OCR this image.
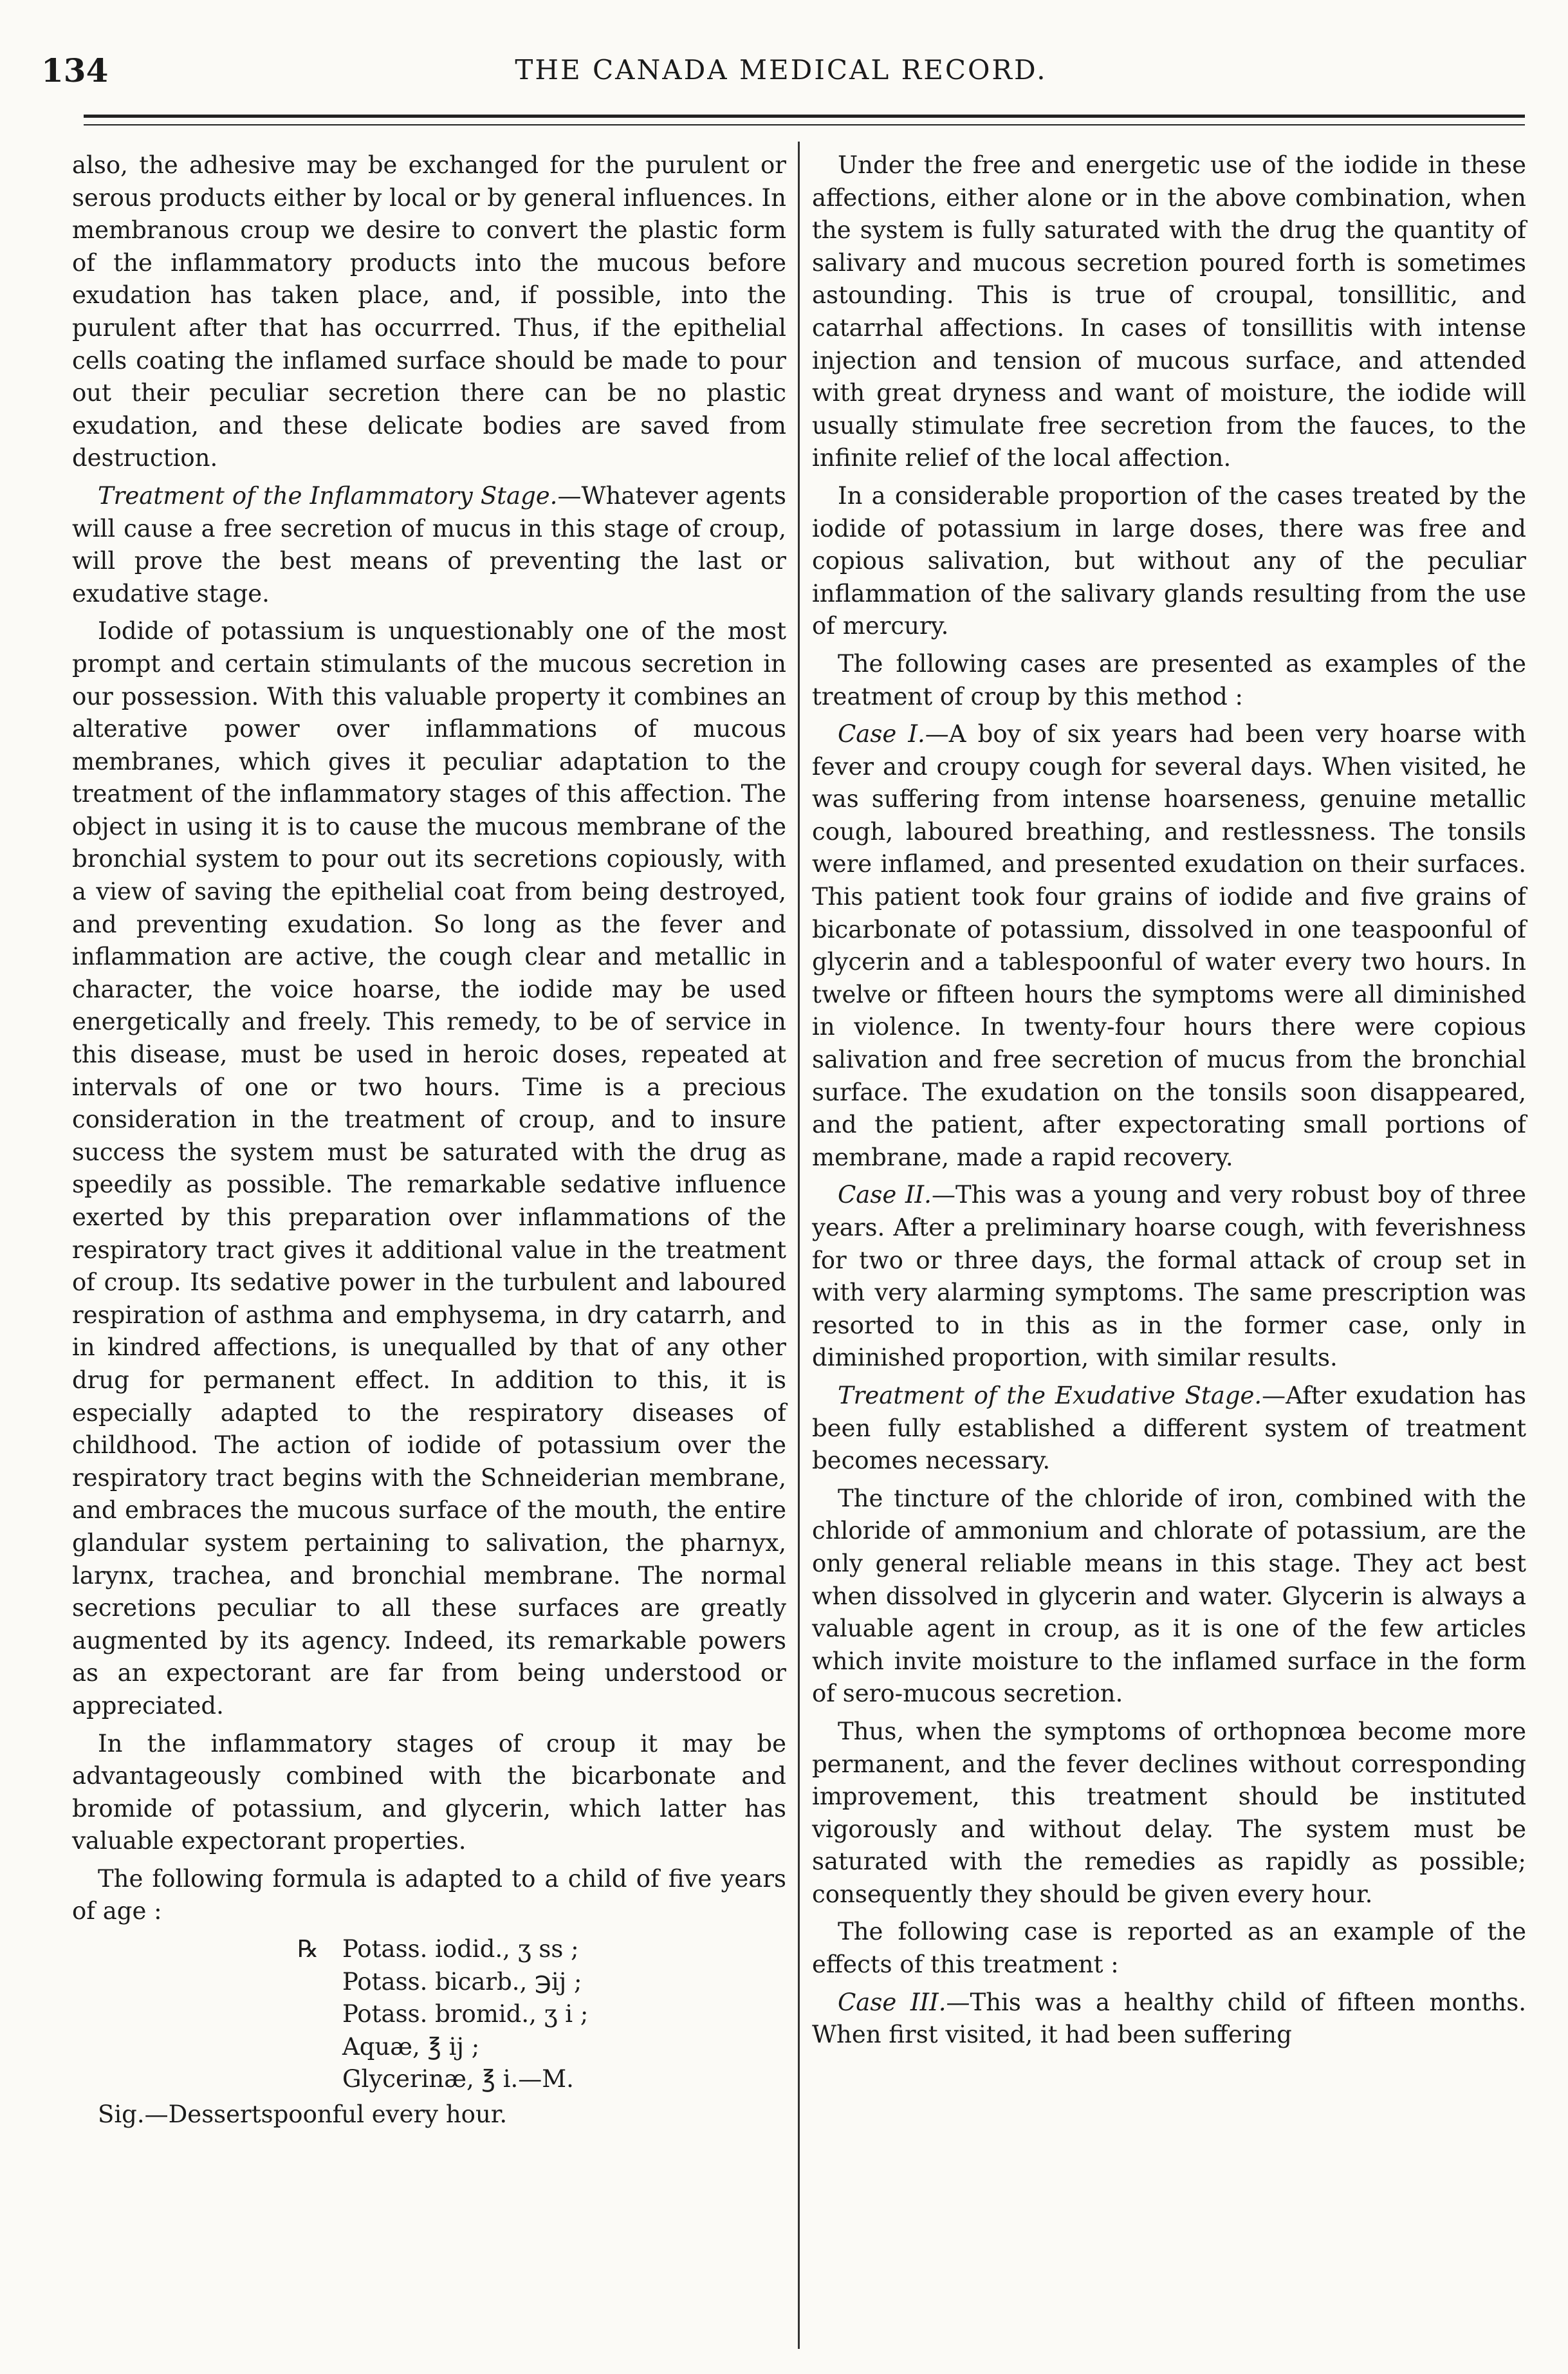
134	THE CANADA MEDICAL RECORD.

also, the adhesive may be exchanged for the purulent or serous products either by local or by general influences. In membranous croup we desire to convert the plastic form of the inflammatory products into the mucous before exudation has taken place, and, if possible, into the purulent after that has occurrred. Thus, if the epithelial cells coating the inflamed surface should be made to pour out their peculiar secretion there can be no plastic exudation, and these delicate bodies are saved from destruction.

Treatment of the Inflammatory Stage.—Whatever agents will cause a free secretion of mucus in this stage of croup, will prove the best means of preventing the last or exudative stage.

Iodide of potassium is unquestionably one of the most prompt and certain stimulants of the mucous secretion in our possession. With this valuable property it combines an alterative power over inflammations of mucous membranes, which gives it peculiar adaptation to the treatment of the inflammatory stages of this affection. The object in using it is to cause the mucous membrane of the bronchial system to pour out its secretions copiously, with a view of saving the epithelial coat from being destroyed, and preventing exudation. So long as the fever and inflammation are active, the cough clear and metallic in character, the voice hoarse, the iodide may be used energetically and freely. This remedy, to be of service in this disease, must be used in heroic doses, repeated at intervals of one or two hours. Time is a precious consideration in the treatment of croup, and to insure success the system must be saturated with the drug as speedily as possible. The remarkable sedative influence exerted by this preparation over inflammations of the respiratory tract gives it additional value in the treatment of croup. Its sedative power in the turbulent and laboured respiration of asthma and emphysema, in dry catarrh, and in kindred affections, is unequalled by that of any other drug for permanent effect. In addition to this, it is especially adapted to the respiratory diseases of childhood. The action of iodide of potassium over the respiratory tract begins with the Schneiderian membrane, and embraces the mucous surface of the mouth, the entire glandular system pertaining to salivation, the pharnyx, larynx, trachea, and bronchial membrane. The normal secretions peculiar to all these surfaces are greatly augmented by its agency. Indeed, its remarkable powers as an expectorant are far from being understood or appreciated.

In the inflammatory stages of croup it may be advantageously combined with the bicarbonate and bromide of potassium, and glycerin, which latter has valuable expectorant properties.

The following formula is adapted to a child of five years of age :

℞ Potass. iodid., ʒ ss ;
Potass. bicarb., ℈ij ;
Potass. bromid., ʒ i ;
Aquæ, ℥ ij ;
Glycerinæ, ℥ i.—M.
Sig.—Dessertspoonful every hour.

Under the free and energetic use of the iodide in these affections, either alone or in the above combination, when the system is fully saturated with the drug the quantity of salivary and mucous secretion poured forth is sometimes astounding. This is true of croupal, tonsillitic, and catarrhal affections. In cases of tonsillitis with intense injection and tension of mucous surface, and attended with great dryness and want of moisture, the iodide will usually stimulate free secretion from the fauces, to the infinite relief of the local affection.

In a considerable proportion of the cases treated by the iodide of potassium in large doses, there was free and copious salivation, but without any of the peculiar inflammation of the salivary glands resulting from the use of mercury.

The following cases are presented as examples of the treatment of croup by this method :

Case I.—A boy of six years had been very hoarse with fever and croupy cough for several days. When visited, he was suffering from intense hoarseness, genuine metallic cough, laboured breathing, and restlessness. The tonsils were inflamed, and presented exudation on their surfaces. This patient took four grains of iodide and five grains of bicarbonate of potassium, dissolved in one teaspoonful of glycerin and a tablespoonful of water every two hours. In twelve or fifteen hours the symptoms were all diminished in violence. In twenty-four hours there were copious salivation and free secretion of mucus from the bronchial surface. The exudation on the tonsils soon disappeared, and the patient, after expectorating small portions of membrane, made a rapid recovery.

Case II.—This was a young and very robust boy of three years. After a preliminary hoarse cough, with feverishness for two or three days, the formal attack of croup set in with very alarming symptoms. The same prescription was resorted to in this as in the former case, only in diminished proportion, with similar results.

Treatment of the Exudative Stage.—After exudation has been fully established a different system of treatment becomes necessary.

The tincture of the chloride of iron, combined with the chloride of ammonium and chlorate of potassium, are the only general reliable means in this stage. They act best when dissolved in glycerin and water. Glycerin is always a valuable agent in croup, as it is one of the few articles which invite moisture to the inflamed surface in the form of sero-mucous secretion.

Thus, when the symptoms of orthopnœa become more permanent, and the fever declines without corresponding improvement, this treatment should be instituted vigorously and without delay. The system must be saturated with the remedies as rapidly as possible; consequently they should be given every hour.

The following case is reported as an example of the effects of this treatment :

Case III.—This was a healthy child of fifteen months. When first visited, it had been suffering
